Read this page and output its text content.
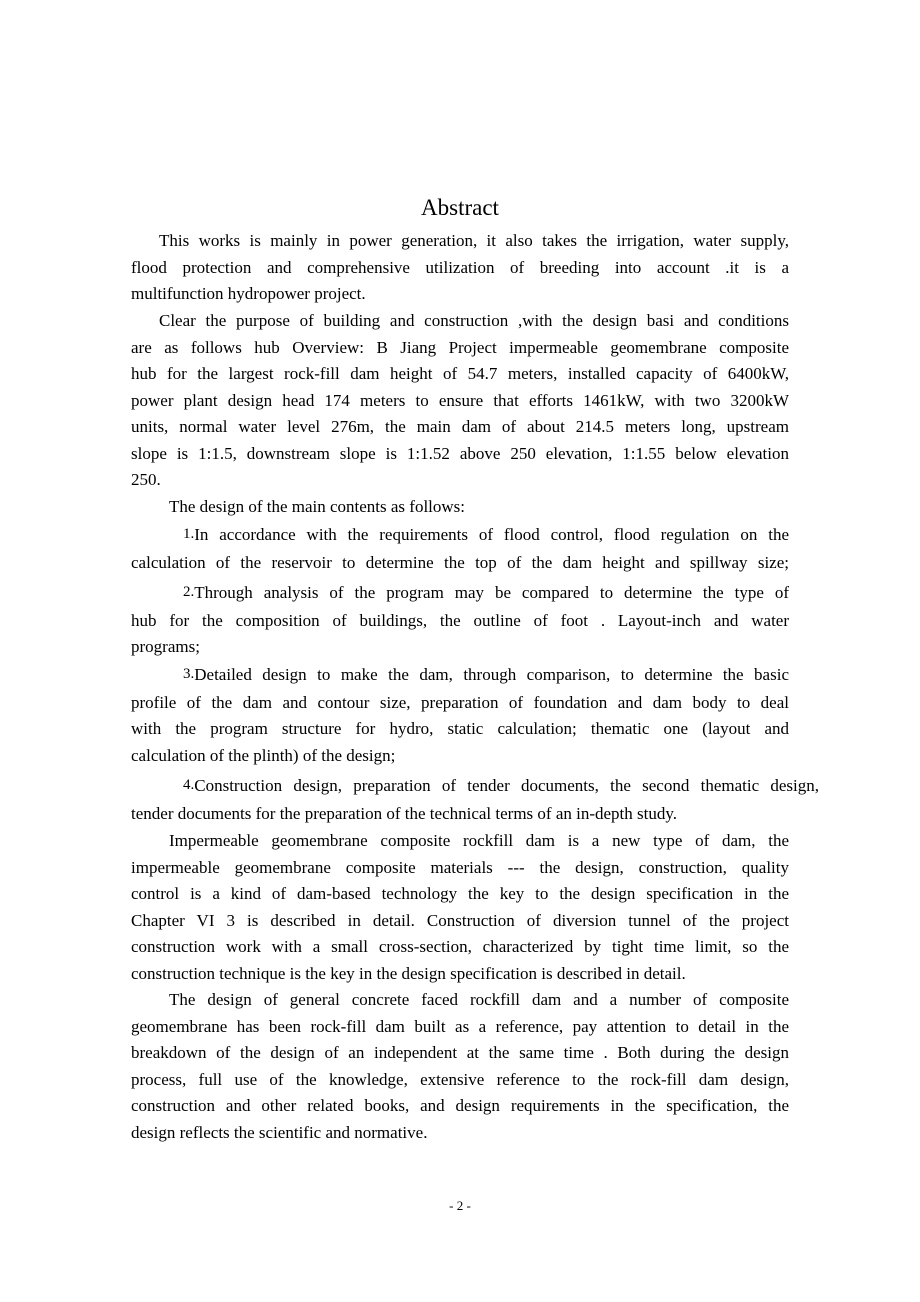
Abstract
This works is mainly in power generation, it also takes the irrigation, water supply,
flood protection and comprehensive utilization of breeding into account .it is a
multifunction hydropower project.
Clear the purpose of building and construction ,with the design basi and conditions
are as follows hub Overview: B Jiang Project impermeable geomembrane composite
hub for the largest rock-fill dam height of 54.7 meters, installed capacity of 6400kW,
power plant design head 174 meters to ensure that efforts 1461kW, with two 3200kW
units, normal water level 276m, the main dam of about 214.5 meters long, upstream
slope is 1:1.5, downstream slope is 1:1.52 above 250 elevation, 1:1.55 below elevation
250.
The design of the main contents as follows:
1.In accordance with the requirements of flood control, flood regulation on the
calculation of the reservoir to determine the top of the dam height and spillway size;
2.Through analysis of the program may be compared to determine the type of
hub for the composition of buildings, the outline of foot . Layout-inch and water
programs;
3.Detailed design to make the dam, through comparison, to determine the basic
profile of the dam and contour size, preparation of foundation and dam body to deal
with the program structure for hydro, static calculation; thematic one (layout and
calculation of the plinth) of the design;
4.Construction design, preparation of tender documents, the second thematic design,
tender documents for the preparation of the technical terms of an in-depth study.
Impermeable geomembrane composite rockfill dam is a new type of dam, the
impermeable geomembrane composite materials --- the design, construction, quality
control is a kind of dam-based technology the key to the design specification in the
Chapter VI 3 is described in detail. Construction of diversion tunnel of the project
construction work with a small cross-section, characterized by tight time limit, so the
construction technique is the key in the design specification is described in detail.
The design of general concrete faced rockfill dam and a number of composite
geomembrane has been rock-fill dam built as a reference, pay attention to detail in the
breakdown of the design of an independent at the same time . Both during the design
process, full use of the knowledge, extensive reference to the rock-fill dam design,
construction and other related books, and design requirements in the specification, the
design reflects the scientific and normative.
- 2 -
